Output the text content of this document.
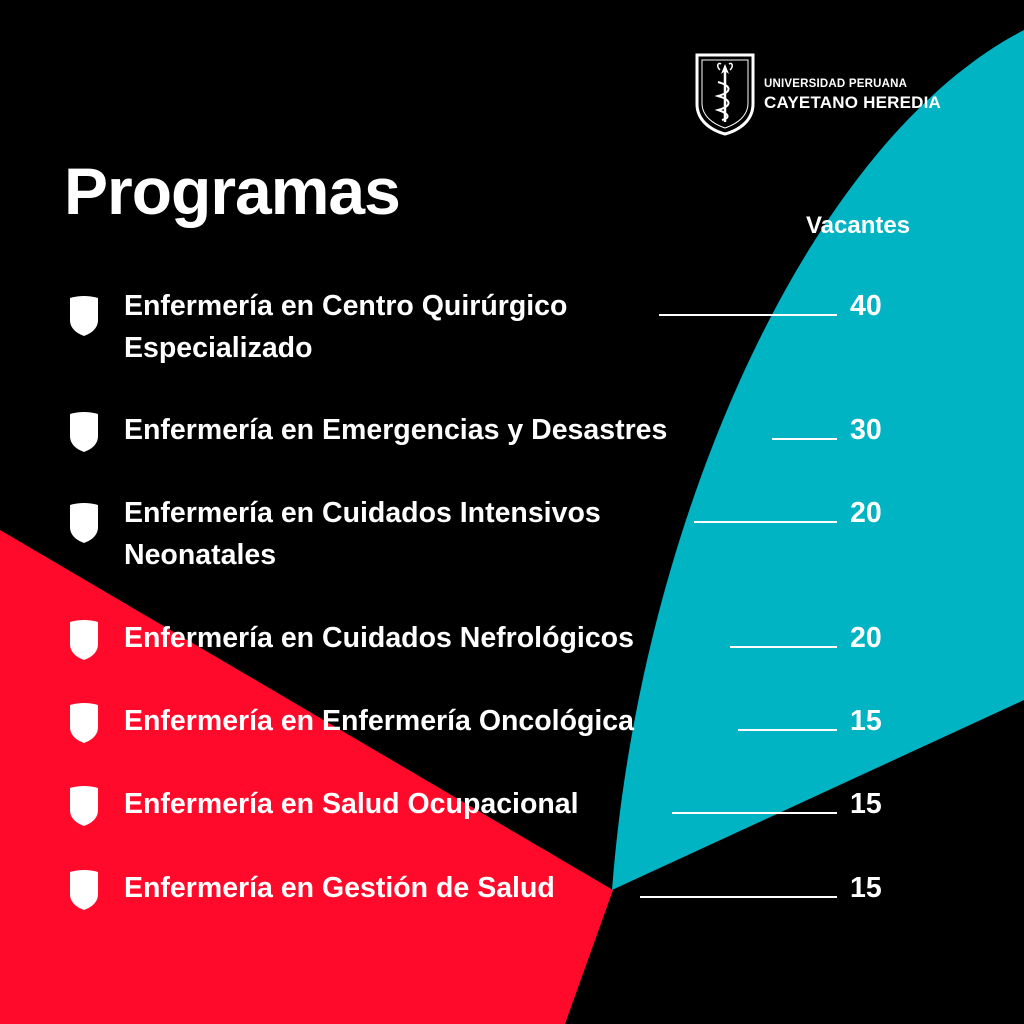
UNIVERSIDAD PERUANA
CAYETANO HEREDIA
Programas	Vacantes
Enfermería en Centro Quirúrgico
Especializado
40
Enfermería en Emergencias y Desastres	30
Enfermería en Cuidados Intensivos
Neonatales
20
Enfermería en Cuidados Nefrológicos	20
Enfermería en Enfermería Oncológica	15
Enfermería en Salud Ocupacional	15
Enfermería en Gestión de Salud	15
